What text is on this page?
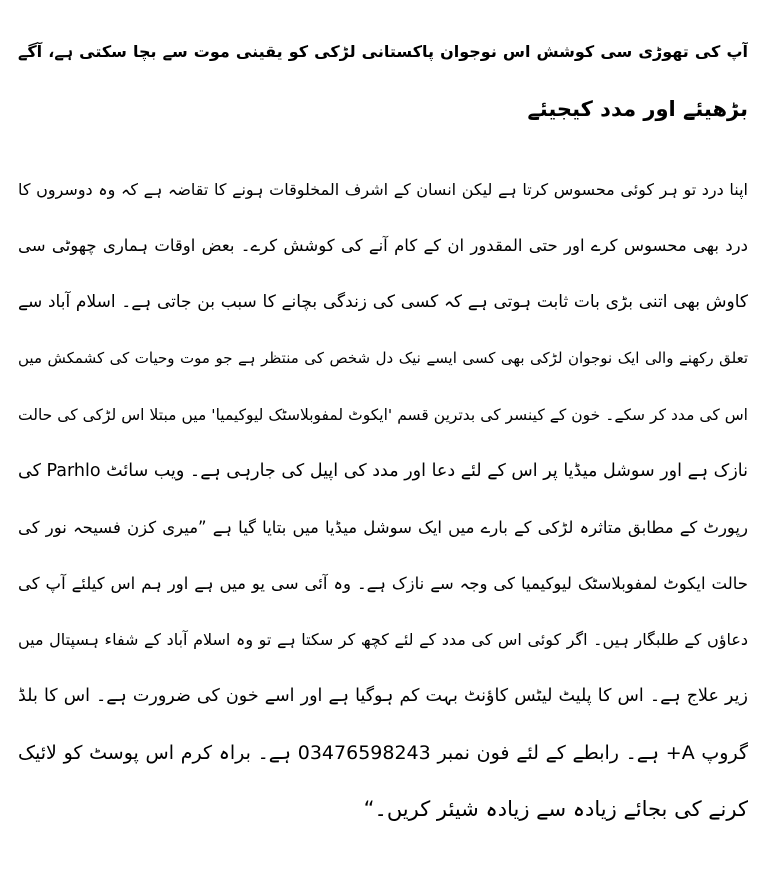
آپ کی تھوڑی سی کوشش اس نوجوان پاکستانی لڑکی کو یقینی موت سے بچا سکتی ہے، آگے
بڑھیئے اور مدد کیجیئے
اپنا درد تو ہر کوئی محسوس کرتا ہے لیکن انسان کے اشرف المخلوقات ہونے کا تقاضہ ہے کہ وہ دوسروں کا
درد بھی محسوس کرے اور حتی المقدور ان کے کام آنے کی کوشش کرے۔ بعض اوقات ہماری چھوٹی سی
کاوش بھی اتنی بڑی بات ثابت ہوتی ہے کہ کسی کی زندگی بچانے کا سبب بن جاتی ہے۔ اسلام آباد سے
تعلق رکھنے والی ایک نوجوان لڑکی بھی کسی ایسے نیک دل شخص کی منتظر ہے جو موت وحیات کی کشمکش میں
اس کی مدد کر سکے۔ خون کے کینسر کی بدترین قسم 'ایکوٹ لمفوبلاسٹک لیوکیمیا' میں مبتلا اس لڑکی کی حالت
نازک ہے اور سوشل میڈیا پر اس کے لئے دعا اور مدد کی اپیل کی جارہی ہے۔ ویب سائٹ Parhlo کی
رپورٹ کے مطابق متاثرہ لڑکی کے بارے میں ایک سوشل میڈیا میں بتایا گیا ہے ”میری کزن فسیحہ نور کی
حالت ایکوٹ لمفوبلاسٹک لیوکیمیا کی وجہ سے نازک ہے۔ وہ آئی سی یو میں ہے اور ہم اس کیلئے آپ کی
دعاؤں کے طلبگار ہیں۔ اگر کوئی اس کی مدد کے لئے کچھ کر سکتا ہے تو وہ اسلام آباد کے شفاء ہسپتال میں
زیر علاج ہے۔ اس کا پلیٹ لیٹس کاؤنٹ بہت کم ہوگیا ہے اور اسے خون کی ضرورت ہے۔ اس کا بلڈ
گروپ A+ ہے۔ رابطے کے لئے فون نمبر 03476598243 ہے۔ براہ کرم اس پوسٹ کو لائیک
کرنے کی بجائے زیادہ سے زیادہ شیئر کریں۔“
